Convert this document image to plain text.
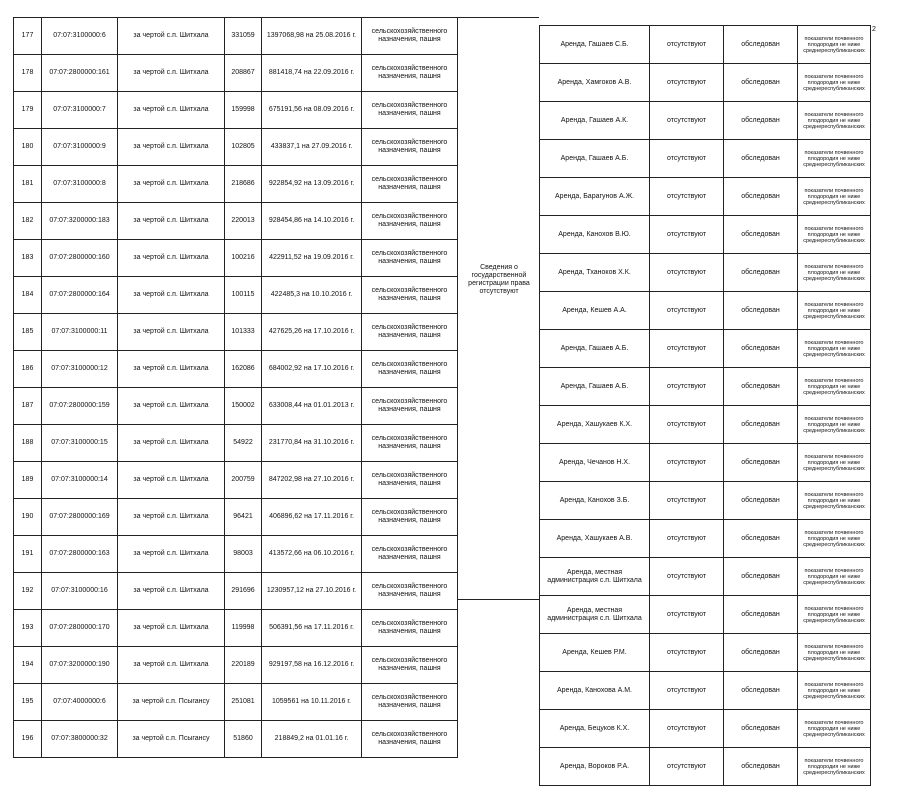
177	07:07:3100000:6	за чертой с.п. Шитхала	331059	1397068,98 на 25.08.2016 г.	сельскохозяйственного назначения, пашня
178	07:07:2800000:161	за чертой с.п. Шитхала	208867	881418,74 на 22.09.2016 г.	сельскохозяйственного назначения, пашня
179	07:07:3100000:7	за чертой с.п. Шитхала	159998	675191,56 на 08.09.2016 г.	сельскохозяйственного назначения, пашня
180	07:07:3100000:9	за чертой с.п. Шитхала	102805	433837,1 на 27.09.2016 г.	сельскохозяйственного назначения, пашня
181	07:07:3100000:8	за чертой с.п. Шитхала	218686	922854,92 на 13.09.2016 г.	сельскохозяйственного назначения, пашня
182	07:07:3200000:183	за чертой с.п. Шитхала	220013	928454,86 на 14.10.2016 г.	сельскохозяйственного назначения, пашня
183	07:07:2800000:160	за чертой с.п. Шитхала	100216	422911,52 на 19.09.2016 г.	сельскохозяйственного назначения, пашня
184	07:07:2800000:164	за чертой с.п. Шитхала	100115	422485,3 на 10.10.2016 г.	сельскохозяйственного назначения, пашня
185	07:07:3100000:11	за чертой с.п. Шитхала	101333	427625,26 на 17.10.2016 г.	сельскохозяйственного назначения, пашня
186	07:07:3100000:12	за чертой с.п. Шитхала	162086	684002,92 на 17.10.2016 г.	сельскохозяйственного назначения, пашня
187	07:07:2800000:159	за чертой с.п. Шитхала	150002	633008,44 на 01.01.2013 г.	сельскохозяйственного назначения, пашня
188	07:07:3100000:15	за чертой с.п. Шитхала	54922	231770,84 на 31.10.2016 г.	сельскохозяйственного назначения, пашня
189	07:07:3100000:14	за чертой с.п. Шитхала	200759	847202,98 на 27.10.2016 г.	сельскохозяйственного назначения, пашня
190	07:07:2800000:169	за чертой с.п. Шитхала	96421	406896,62 на 17.11.2016 г.	сельскохозяйственного назначения, пашня
191	07:07:2800000:163	за чертой с.п. Шитхала	98003	413572,66 на 06.10.2016 г.	сельскохозяйственного назначения, пашня
192	07:07:3100000:16	за чертой с.п. Шитхала	291696	1230957,12 на 27.10.2016 г.	сельскохозяйственного назначения, пашня
193	07:07:2800000:170	за чертой с.п. Шитхала	119998	506391,56 на 17.11.2016 г.	сельскохозяйственного назначения, пашня
194	07:07:3200000:190	за чертой с.п. Шитхала	220189	929197,58 на 16.12.2016 г.	сельскохозяйственного назначения, пашня
195	07:07:4000000:6	за чертой с.п. Псыгансу	251081	1059561 на 10.11.2016 г.	сельскохозяйственного назначения, пашня
196	07:07:3800000:32	за чертой с.п. Псыгансу	51860	218849,2 на 01.01.16 г.	сельскохозяйственного назначения, пашня
Сведения о государственной регистрации права отсутствуют
Аренда, Гашаев С.Б.	отсутствуют	обследован	показатели почвенного плодородия не ниже среднереспубликанских
Аренда, Хамгоков А.В.	отсутствуют	обследован	показатели почвенного плодородия не ниже среднереспубликанских
Аренда, Гашаев А.К.	отсутствуют	обследован	показатели почвенного плодородия не ниже среднереспубликанских
Аренда, Гашаев А.Б.	отсутствуют	обследован	показатели почвенного плодородия не ниже среднереспубликанских
Аренда, Барагунов А.Ж.	отсутствуют	обследован	показатели почвенного плодородия не ниже среднереспубликанских
Аренда, Канохов В.Ю.	отсутствуют	обследован	показатели почвенного плодородия не ниже среднереспубликанских
Аренда, Тханоков Х.К.	отсутствуют	обследован	показатели почвенного плодородия не ниже среднереспубликанских
Аренда, Кешев А.А.	отсутствуют	обследован	показатели почвенного плодородия не ниже среднереспубликанских
Аренда, Гашаев А.Б.	отсутствуют	обследован	показатели почвенного плодородия не ниже среднереспубликанских
Аренда, Гашаев А.Б.	отсутствуют	обследован	показатели почвенного плодородия не ниже среднереспубликанских
Аренда, Хашукаев К.Х.	отсутствуют	обследован	показатели почвенного плодородия не ниже среднереспубликанских
Аренда, Чечанов Н.Х.	отсутствуют	обследован	показатели почвенного плодородия не ниже среднереспубликанских
Аренда, Канохов З.Б.	отсутствуют	обследован	показатели почвенного плодородия не ниже среднереспубликанских
Аренда, Хашукаев А.В.	отсутствуют	обследован	показатели почвенного плодородия не ниже среднереспубликанских
Аренда, местная администрация с.п. Шитхала	отсутствуют	обследован	показатели почвенного плодородия не ниже среднереспубликанских
Аренда, местная администрация с.п. Шитхала	отсутствуют	обследован	показатели почвенного плодородия не ниже среднереспубликанских
Аренда, Кешев Р.М.	отсутствуют	обследован	показатели почвенного плодородия не ниже среднереспубликанских
Аренда, Канохова А.М.	отсутствуют	обследован	показатели почвенного плодородия не ниже среднереспубликанских
Аренда, Бецуков К.Х.	отсутствуют	обследован	показатели почвенного плодородия не ниже среднереспубликанских
Аренда, Вороков Р.А.	отсутствуют	обследован	показатели почвенного плодородия не ниже среднереспубликанских
2
